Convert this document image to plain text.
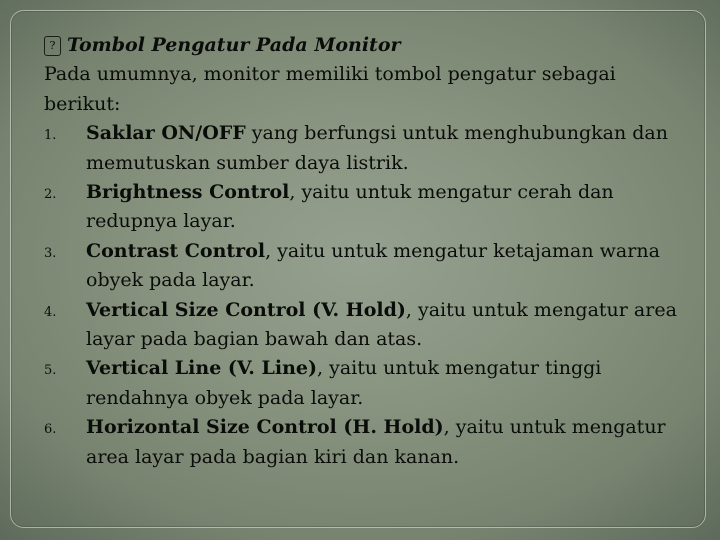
? Tombol Pengatur Pada Monitor

Pada umumnya, monitor memiliki tombol pengatur sebagai berikut:

1.	Saklar ON/OFF yang berfungsi untuk menghubungkan dan memutuskan sumber daya listrik.
2.	Brightness Control, yaitu untuk mengatur cerah dan redupnya layar.
3.	Contrast Control, yaitu untuk mengatur ketajaman warna obyek pada layar.
4.	Vertical Size Control (V. Hold), yaitu untuk mengatur area layar pada bagian bawah dan atas.
5.	Vertical Line (V. Line), yaitu untuk mengatur tinggi rendahnya obyek pada layar.
6.	Horizontal Size Control (H. Hold), yaitu untuk mengatur area layar pada bagian kiri dan kanan.
